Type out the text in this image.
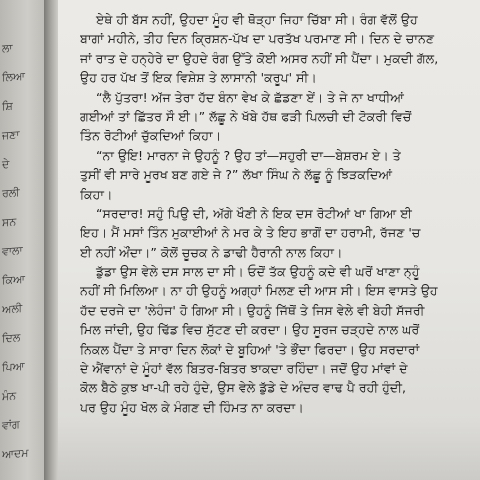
ਲਾ
ਲਿਆ
ਸ਼ਿ
ਜਣਾ
ਦੇ
ਰਲੀ
ਸਨ
ਵਾਲਾ
ਕਿਆ
ਅਲੀ
ਦਿਲ
ਪਿਆ
ਮੰਨ
ਵਾਂਗ
ਆਦਮ
ਏਥੇ ਹੀ ਬੱਸ ਨਹੀਂ, ਉਹਦਾ ਮੂੰਹ ਵੀ ਥੋੜ੍ਹਾ ਜਿਹਾ ਚਿੱਬਾ ਸੀ। ਰੰਗ ਵੱਲੋਂ ਉਹ
ਬਾਗਾਂ ਮਹੀਨੇ, ਤੀਹ ਦਿਨ ਕ੍ਰਿਸ਼ਨ-ਪੱਖ ਦਾ ਪਰਤੱਖ ਪਰਮਾਣ ਸੀ। ਦਿਨ ਦੇ ਚਾਨਣ
ਜਾਂ ਰਾਤ ਦੇ ਹਨ੍ਹੇਰੇ ਦਾ ਉਹਦੇ ਰੰਗ ਉੱਤੇ ਕੋਈ ਅਸਰ ਨਹੀਂ ਸੀ ਪੈਂਦਾ। ਮੁਕਦੀ ਗੱਲ,
ਉਹ ਹਰ ਪੱਖ ਤੋਂ ਇਕ ਵਿਸ਼ੇਸ਼ ਤੇ ਲਾਸਾਨੀ 'ਕਰੂਪ' ਸੀ।
“ਲੈ ਪੁੱਤਰਾ! ਅੱਜ ਤੇਰਾ ਹੱਦ ਬੰਨਾ ਵੇਖ ਕੇ ਛੱਡਣਾ ਏਂ। ਤੇ ਜੇ ਨਾ ਖਾਧੀਆਂ
ਗਈਆਂ ਤਾਂ ਛਿੱਤਰ ਸੌ ਈ।” ਲੱਛੂ ਨੇ ਖੱਬੇ ਹੱਥ ਫੜੀ ਪਿਲਚੀ ਦੀ ਟੋਕਰੀ ਵਿਚੋਂ
ਤਿੰਨ ਰੋਟੀਆਂ ਚੁੱਕਦਿਆਂ ਕਿਹਾ।
“ਨਾ ਉਇ! ਮਾਰਨਾ ਜੇ ਉਹਨੂੰ ? ਉਹ ਤਾਂ—ਸਹੁਰੀ ਦਾ—ਬੇਸ਼ਰਮ ਏ। ਤੇ
ਤੁਸੀਂ ਵੀ ਸਾਰੇ ਮੂਰਖ ਬਣ ਗਏ ਜੇ ?” ਲੱਖਾ ਸਿੰਘ ਨੇ ਲੱਛੂ ਨੂੰ ਝਿੜਕਦਿਆਂ
ਕਿਹਾ।
“ਸਰਦਾਰ! ਸਹੁੰ ਪਿਉ ਦੀ, ਅੱਗੇ ਖੌਣੀ ਨੇ ਇਕ ਦਸ ਰੋਟੀਆਂ ਖਾ ਗਿਆ ਈ
ਇਹ। ਮੈਂ ਮਸਾਂ ਤਿੰਨ ਮੁਕਾਈਆਂ ਨੇ ਮਰ ਕੇ ਤੇ ਇਹ ਭਾਗੋਂ ਦਾ ਹਰਾਮੀ, ਰੱਜਣ 'ਚ
ਈ ਨਹੀਂ ਔਂਦਾ।” ਕੋਲੋਂ ਚੂਚਕ ਨੇ ਡਾਢੀ ਹੈਰਾਨੀ ਨਾਲ ਕਿਹਾ।
ਡੁੱਡਾ ਉਸ ਵੇਲੇ ਦਸ ਸਾਲ ਦਾ ਸੀ। ਓਦੋਂ ਤੱਕ ਉਹਨੂੰ ਕਦੇ ਵੀ ਘਰੋਂ ਖਾਣਾ ਨ੍ਹੂੰ
ਨਹੀਂ ਸੀ ਮਿਲਿਆ। ਨਾ ਹੀ ਉਹਨੂੰ ਅਗ੍ਹਾਂ ਮਿਲਣ ਦੀ ਆਸ ਸੀ। ਇਸ ਵਾਸਤੇ ਉਹ
ਹੱਦ ਦਰਜੇ ਦਾ 'ਲੇਹੰਜ' ਹੋ ਗਿਆ ਸੀ। ਉਹਨੂੰ ਜਿੱਥੋਂ ਤੇ ਜਿਸ ਵੇਲੇ ਵੀ ਬੇਹੀ ਸੱਜਰੀ
ਮਿਲ ਜਾਂਦੀ, ਉਹ ਢਿੱਡ ਵਿਚ ਸੁੱਟਣ ਦੀ ਕਰਦਾ। ਉਹ ਸੂਰਜ ਚੜ੍ਹਦੇ ਨਾਲ ਘਰੋਂ
ਨਿਕਲ ਪੈਂਦਾ ਤੇ ਸਾਰਾ ਦਿਨ ਲੋਕਾਂ ਦੇ ਬੂਹਿਆਂ 'ਤੇ ਭੌਂਦਾ ਫਿਰਦਾ। ਉਹ ਸਰਦਾਰਾਂ
ਦੇ ਐਂਵਾਨਾਂ ਦੇ ਮੂੰਹਾਂ ਵੱਲ ਬਿਤਰ-ਬਿਤਰ ਝਾਕਦਾ ਰਹਿੰਦਾ। ਜਦੋਂ ਉਹ ਮਾਂਵਾਂ ਦੇ
ਕੋਲ ਬੈਠੇ ਕੁਝ ਖਾ-ਪੀ ਰਹੇ ਹੁੰਦੇ, ਉਸ ਵੇਲੇ ਡੁੱਡੇ ਦੇ ਅੰਦਰ ਵਾਢ ਪੈ ਰਹੀ ਹੁੰਦੀ,
ਪਰ ਉਹ ਮੂੰਹ ਖੋਲ ਕੇ ਮੰਗਣ ਦੀ ਹਿੰਮਤ ਨਾ ਕਰਦਾ।
